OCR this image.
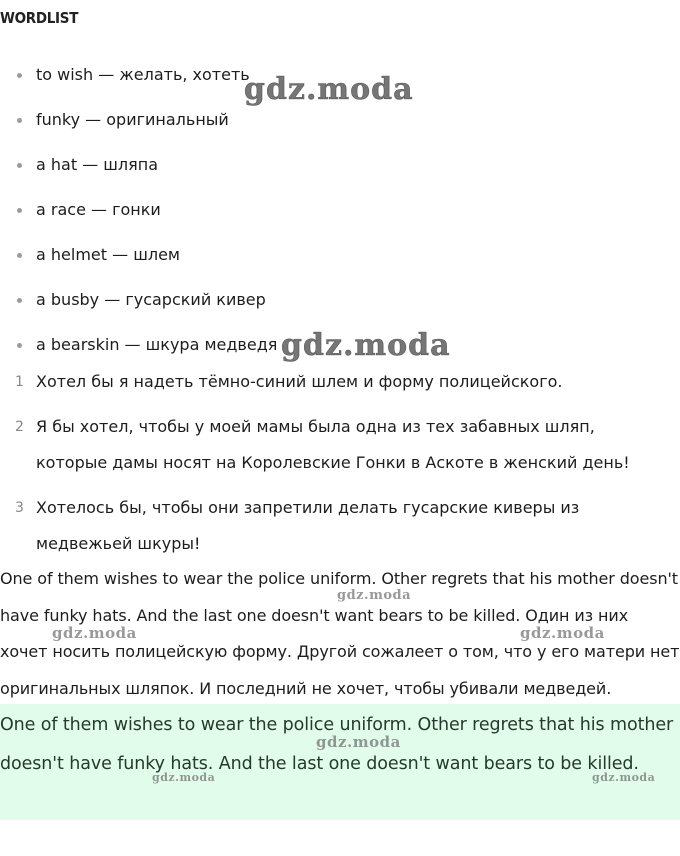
WORDLIST
to wish — желать, хотеть
funky — оригинальный
a hat — шляпа
a race — гонки
a helmet — шлем
a busby — гусарский кивер
a bearskin — шкура медведя
1 Хотел бы я надеть тёмно-синий шлем и форму полицейского.
2 Я бы хотел, чтобы у моей мамы была одна из тех забавных шляп, которые дамы носят на Королевские Гонки в Аскоте в женский день!
3 Хотелось бы, чтобы они запретили делать гусарские киверы из медвежьей шкуры!

One of them wishes to wear the police uniform. Other regrets that his mother doesn't have funky hats. And the last one doesn't want bears to be killed. Один из них хочет носить полицейскую форму. Другой сожалеет о том, что у его матери нет оригинальных шляпок. И последний не хочет, чтобы убивали медведей.

One of them wishes to wear the police uniform. Other regrets that his mother doesn't have funky hats. And the last one doesn't want bears to be killed.

gdz.moda
gdz.moda
gdz.moda
gdz.moda	gdz.moda
gdz.moda
gdz.moda	gdz.moda
